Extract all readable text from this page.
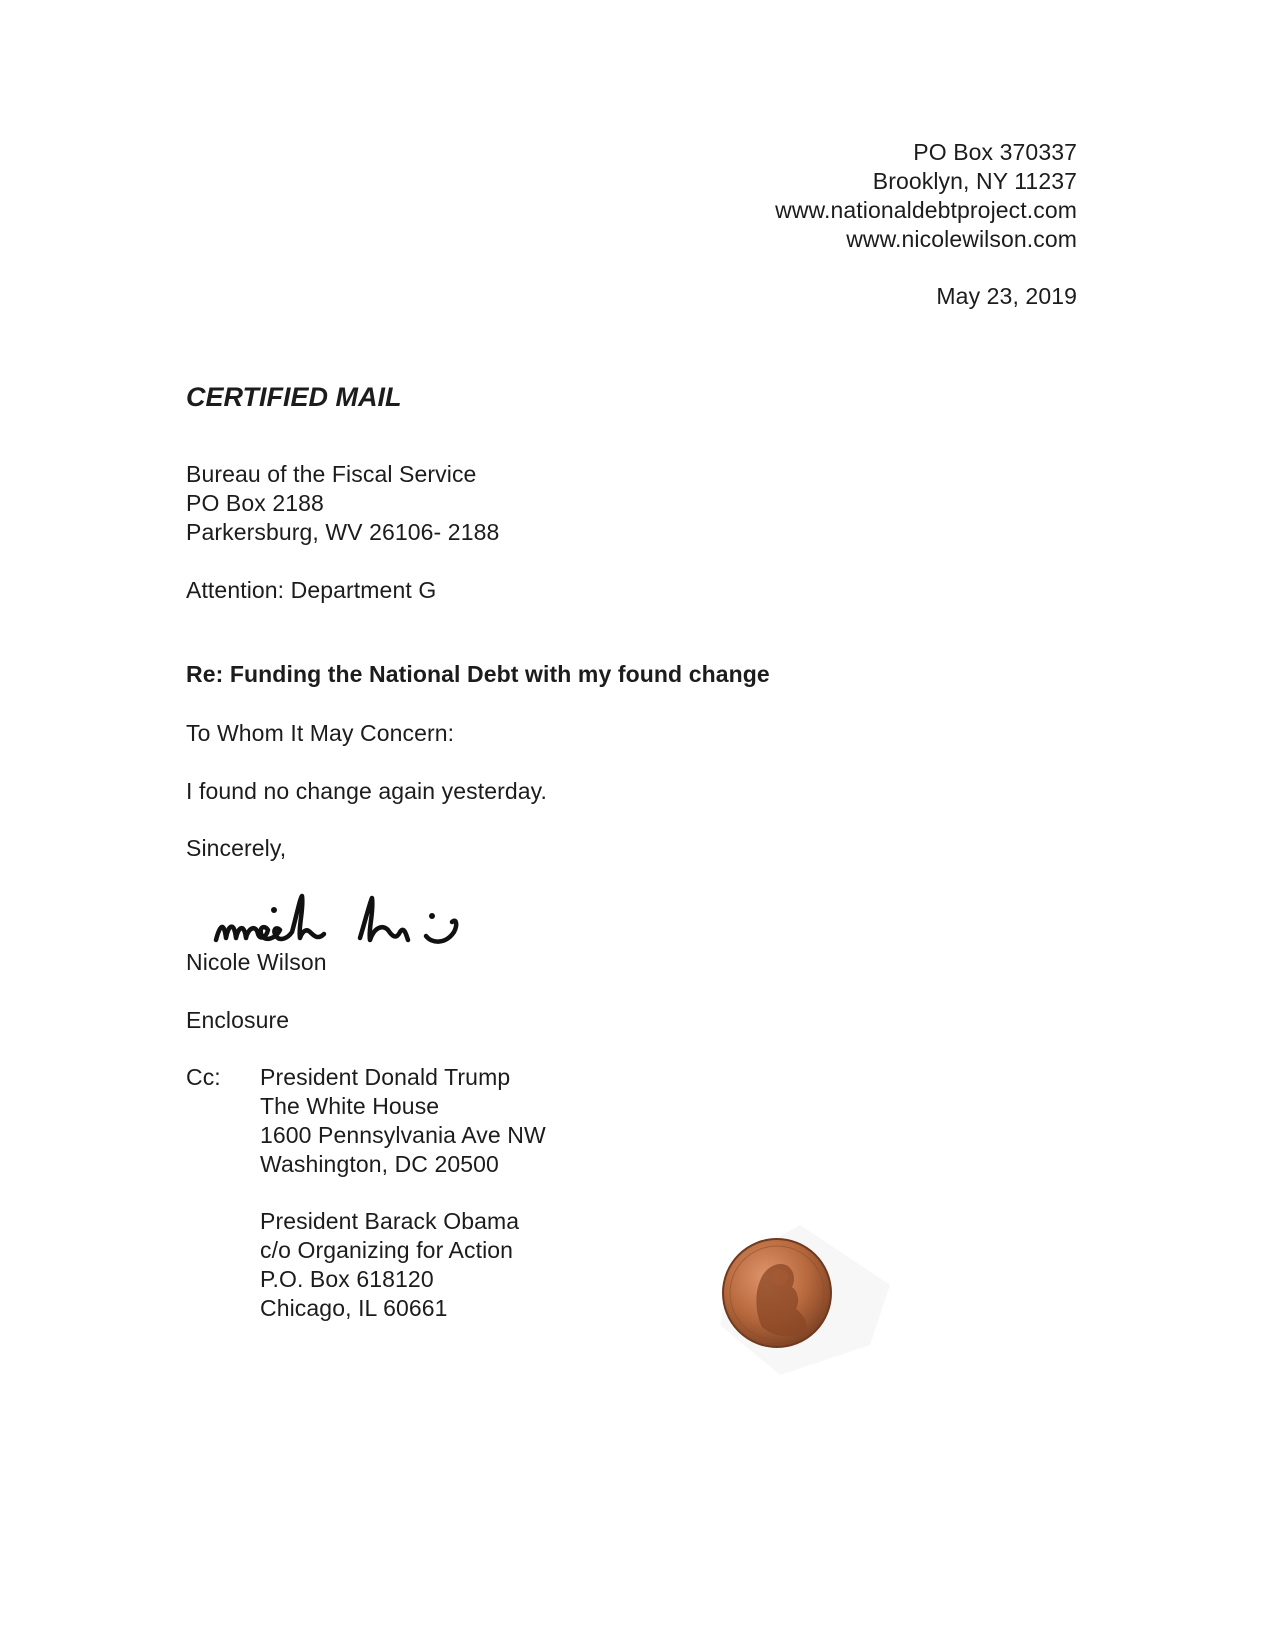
PO Box 370337
Brooklyn, NY 11237
www.nationaldebtproject.com
www.nicolewilson.com
May 23, 2019
CERTIFIED MAIL
Bureau of the Fiscal Service
PO Box 2188
Parkersburg, WV 26106- 2188
Attention: Department G
Re: Funding the National Debt with my found change
To Whom It May Concern:
I found no change again yesterday.
Sincerely,
Nicole Wilson
Enclosure
Cc: President Donald Trump
The White House
1600 Pennsylvania Ave NW
Washington, DC 20500
President Barack Obama
c/o Organizing for Action
P.O. Box 618120
Chicago, IL 60661
